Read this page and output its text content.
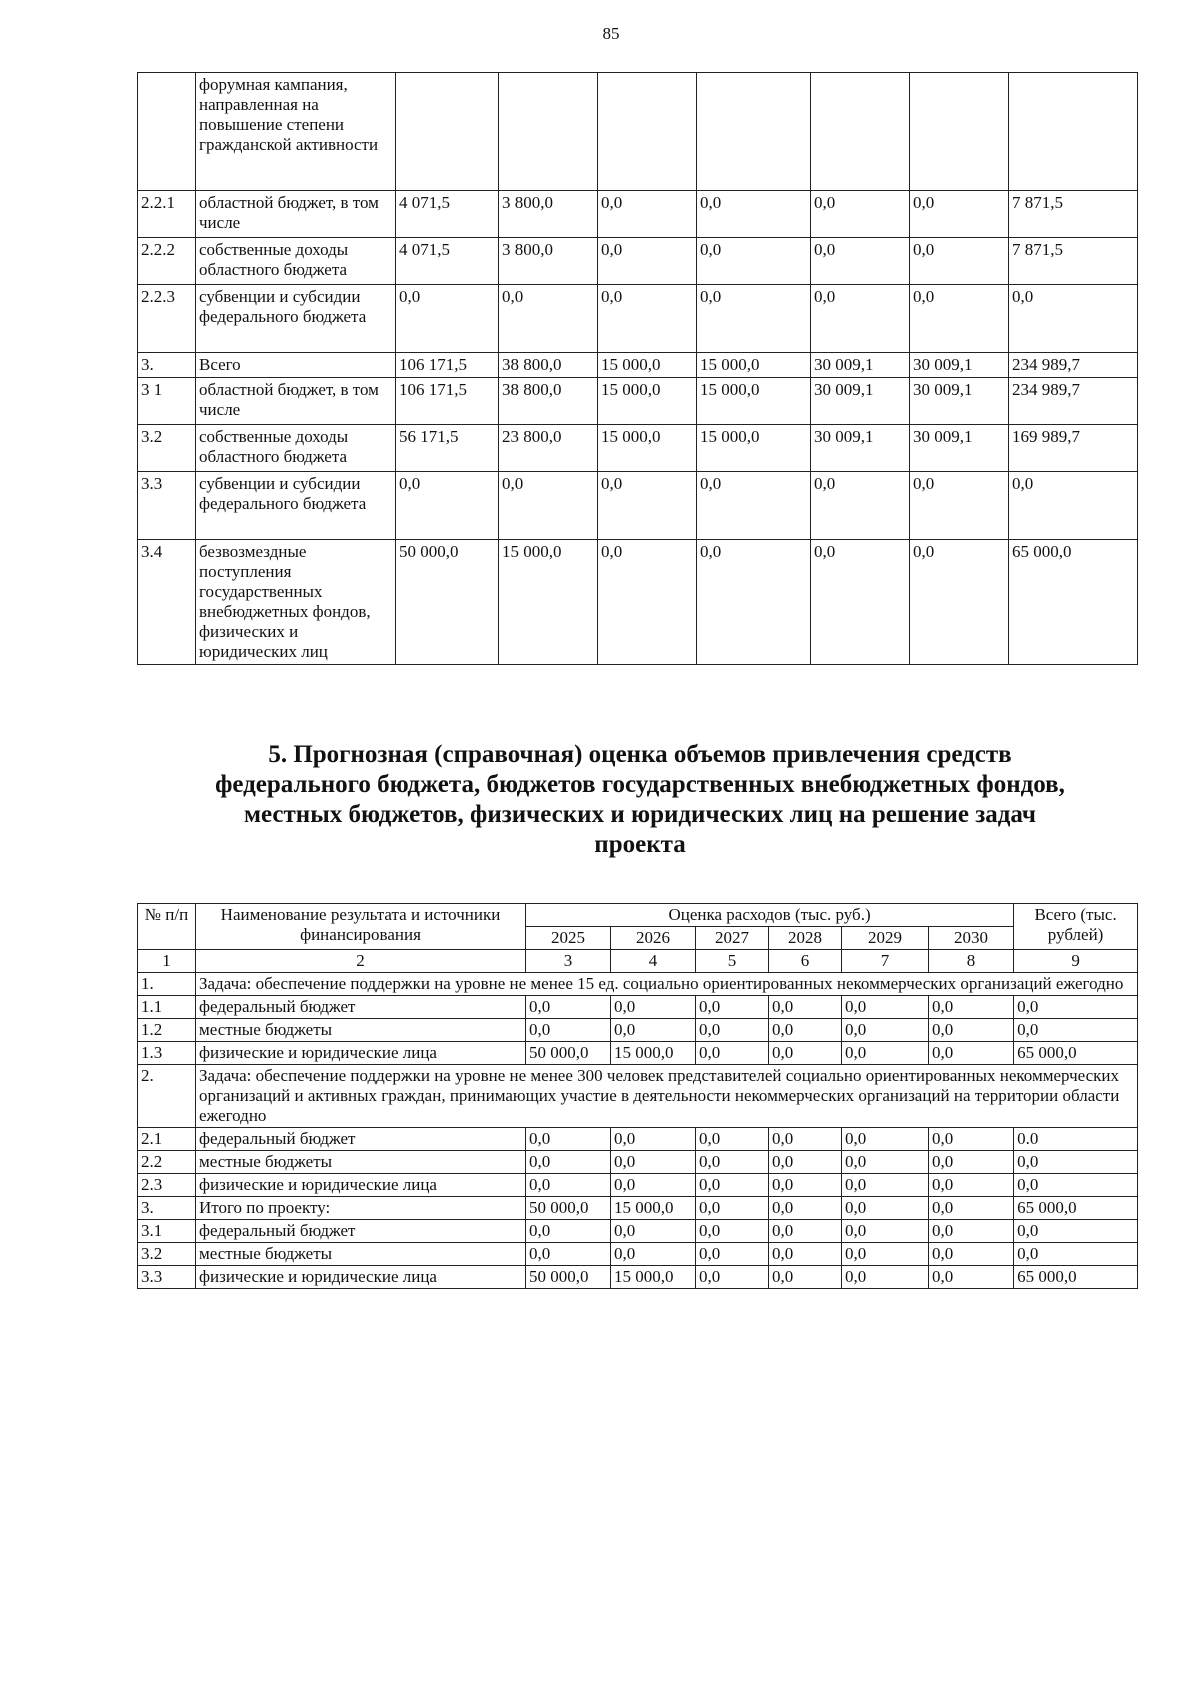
85
	форумная кампания, направленная на повышение степени гражданской активности							
2.2.1	областной бюджет, в том числе	4 071,5	3 800,0	0,0	0,0	0,0	0,0	7 871,5
2.2.2	собственные доходы областного бюджета	4 071,5	3 800,0	0,0	0,0	0,0	0,0	7 871,5
2.2.3	субвенции и субсидии федерального бюджета	0,0	0,0	0,0	0,0	0,0	0,0	0,0
3.	Всего	106 171,5	38 800,0	15 000,0	15 000,0	30 009,1	30 009,1	234 989,7
3 1	областной бюджет, в том числе	106 171,5	38 800,0	15 000,0	15 000,0	30 009,1	30 009,1	234 989,7
3.2	собственные доходы областного бюджета	56 171,5	23 800,0	15 000,0	15 000,0	30 009,1	30 009,1	169 989,7
3.3	субвенции и субсидии федерального бюджета	0,0	0,0	0,0	0,0	0,0	0,0	0,0
3.4	безвозмездные поступления государственных внебюджетных фондов, физических и юридических лиц	50 000,0	15 000,0	0,0	0,0	0,0	0,0	65 000,0
5. Прогнозная (справочная) оценка объемов привлечения средств федерального бюджета, бюджетов государственных внебюджетных фондов, местных бюджетов, физических и юридических лиц на решение задач проекта
№ п/п	Наименование результата и источники финансирования	Оценка расходов (тыс. руб.)						Всего (тыс. рублей)
		2025	2026	2027	2028	2029	2030	
1	2	3	4	5	6	7	8	9
1.	Задача: обеспечение поддержки на уровне не менее 15 ед. социально ориентированных некоммерческих организаций ежегодно							
1.1	федеральный бюджет	0,0	0,0	0,0	0,0	0,0	0,0	0,0
1.2	местные бюджеты	0,0	0,0	0,0	0,0	0,0	0,0	0,0
1.3	физические и юридические лица	50 000,0	15 000,0	0,0	0,0	0,0	0,0	65 000,0
2.	Задача: обеспечение поддержки на уровне не менее 300 человек представителей социально ориентированных некоммерческих организаций и активных граждан, принимающих участие в деятельности некоммерческих организаций на территории области ежегодно							
2.1	федеральный бюджет	0,0	0,0	0,0	0,0	0,0	0,0	0.0
2.2	местные бюджеты	0,0	0,0	0,0	0,0	0,0	0,0	0,0
2.3	физические и юридические лица	0,0	0,0	0,0	0,0	0,0	0,0	0,0
3.	Итого по проекту:	50 000,0	15 000,0	0,0	0,0	0,0	0,0	65 000,0
3.1	федеральный бюджет	0,0	0,0	0,0	0,0	0,0	0,0	0,0
3.2	местные бюджеты	0,0	0,0	0,0	0,0	0,0	0,0	0,0
3.3	физические и юридические лица	50 000,0	15 000,0	0,0	0,0	0,0	0,0	65 000,0
